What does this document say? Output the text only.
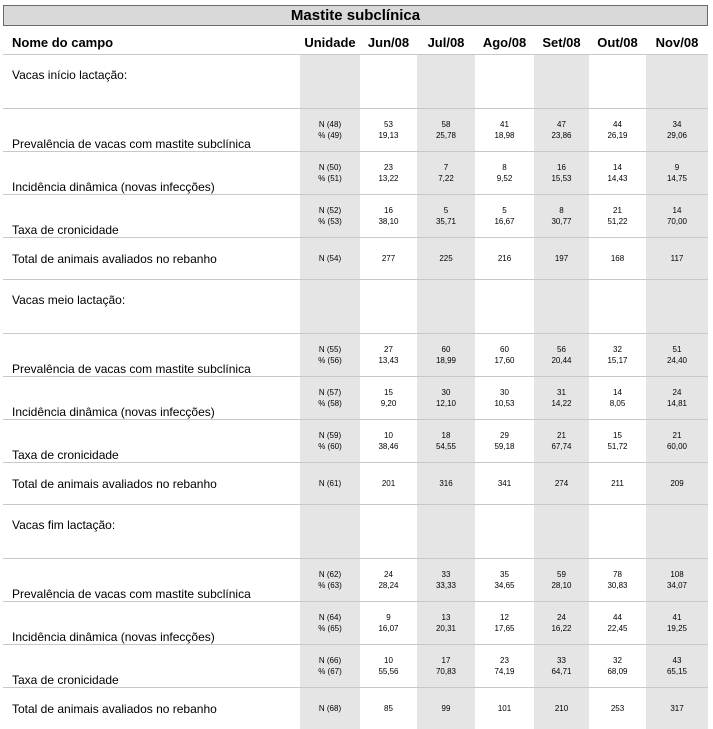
Mastite subclínica
Nome do campo	Unidade	Jun/08	Jul/08	Ago/08	Set/08	Out/08	Nov/08
Vacas início lactação:							
Prevalência de vacas com mastite subclínica	N (48)	53	58	41	47	44	34
	% (49)	19,13	25,78	18,98	23,86	26,19	29,06
Incidência dinâmica (novas infecções)	N (50)	23	7	8	16	14	9
	% (51)	13,22	7,22	9,52	15,53	14,43	14,75
Taxa de cronicidade	N (52)	16	5	5	8	21	14
	% (53)	38,10	35,71	16,67	30,77	51,22	70,00
Total de animais avaliados no rebanho	N (54)	277	225	216	197	168	117
Vacas meio lactação:							
Prevalência de vacas com mastite subclínica	N (55)	27	60	60	56	32	51
	% (56)	13,43	18,99	17,60	20,44	15,17	24,40
Incidência dinâmica (novas infecções)	N (57)	15	30	30	31	14	24
	% (58)	9,20	12,10	10,53	14,22	8,05	14,81
Taxa de cronicidade	N (59)	10	18	29	21	15	21
	% (60)	38,46	54,55	59,18	67,74	51,72	60,00
Total de animais avaliados no rebanho	N (61)	201	316	341	274	211	209
Vacas fim lactação:							
Prevalência de vacas com mastite subclínica	N (62)	24	33	35	59	78	108
	% (63)	28,24	33,33	34,65	28,10	30,83	34,07
Incidência dinâmica (novas infecções)	N (64)	9	13	12	24	44	41
	% (65)	16,07	20,31	17,65	16,22	22,45	19,25
Taxa de cronicidade	N (66)	10	17	23	33	32	43
	% (67)	55,56	70,83	74,19	64,71	68,09	65,15
Total de animais avaliados no rebanho	N (68)	85	99	101	210	253	317
